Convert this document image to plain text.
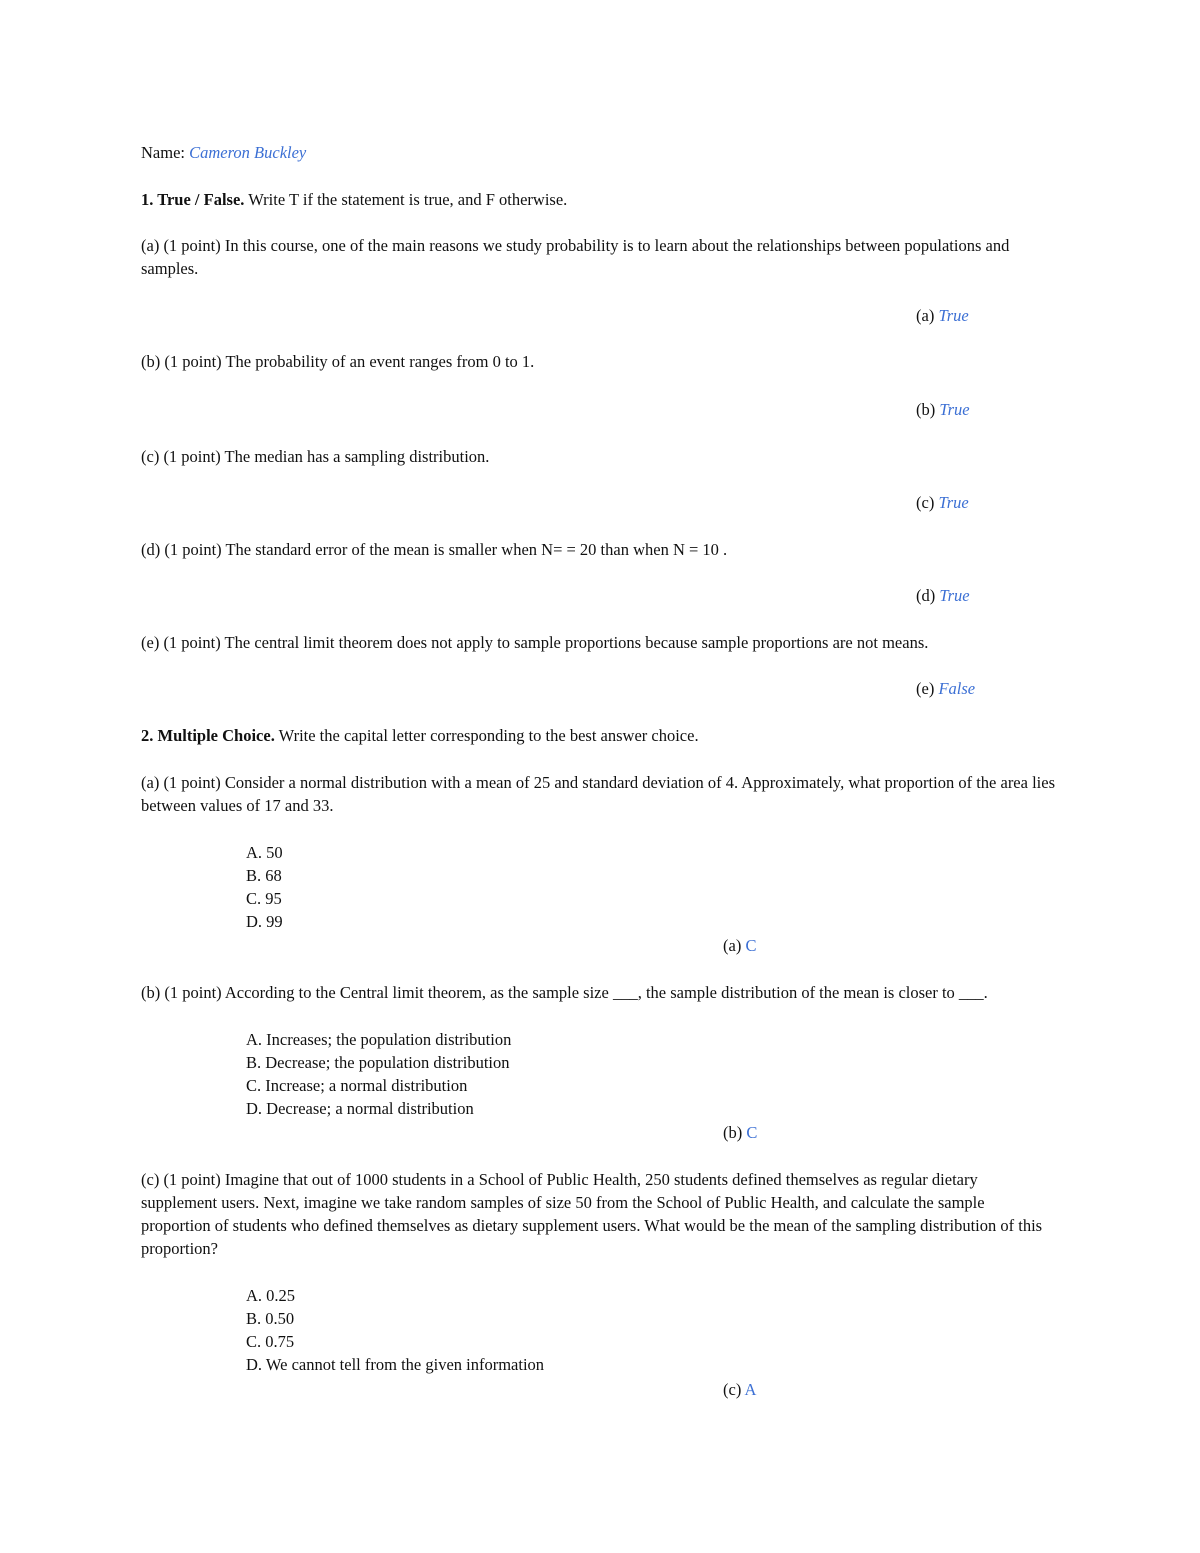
Name: Cameron Buckley
1. True / False. Write T if the statement is true, and F otherwise.
(a) (1 point) In this course, one of the main reasons we study probability is to learn about the relationships between populations and samples.
(a) True
(b) (1 point) The probability of an event ranges from 0 to 1.
(b) True
(c) (1 point) The median has a sampling distribution.
(c) True
(d) (1 point) The standard error of the mean is smaller when N= = 20 than when N = 10 .
(d) True
(e) (1 point) The central limit theorem does not apply to sample proportions because sample proportions are not means.
(e) False
2. Multiple Choice. Write the capital letter corresponding to the best answer choice.
(a) (1 point) Consider a normal distribution with a mean of 25 and standard deviation of 4. Approximately, what proportion of the area lies between values of 17 and 33.
A. 50
B. 68
C. 95
D. 99
(a) C
(b) (1 point) According to the Central limit theorem, as the sample size ___, the sample distribution of the mean is closer to ___.
A. Increases; the population distribution
B. Decrease; the population distribution
C. Increase; a normal distribution
D. Decrease; a normal distribution
(b) C
(c) (1 point) Imagine that out of 1000 students in a School of Public Health, 250 students defined themselves as regular dietary supplement users. Next, imagine we take random samples of size 50 from the School of Public Health, and calculate the sample proportion of students who defined themselves as dietary supplement users. What would be the mean of the sampling distribution of this proportion?
A. 0.25
B. 0.50
C. 0.75
D. We cannot tell from the given information
(c) A
